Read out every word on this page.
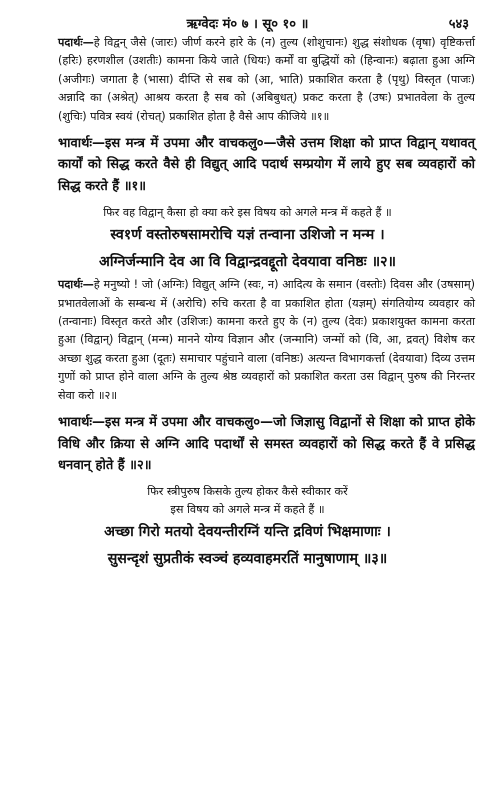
ऋग्वेदः मं० ७ । सू० १० ॥	५४३

पदार्थः—हे विद्वन् जैसे (जारः) जीर्ण करने हारे के (न) तुल्य (शोशुचानः) शुद्ध संशोधक (वृषा) वृष्टिकर्त्ता (हरिः) हरणशील (उशतीः) कामना किये जाते (धियः) कर्मों वा बुद्धियों को (हिन्वानः) बढ़ाता हुआ अग्नि (अजीगः) जगाता है (भासा) दीप्ति से सब को (आ, भाति) प्रकाशित करता है (पृथु) विस्तृत (पाजः) अन्नादि का (अश्रेत्) आश्रय करता है सब को (अबिबुधत्) प्रकट करता है (उषः) प्रभातवेला के तुल्य (शुचिः) पवित्र स्वयं (रोचत्) प्रकाशित होता है वैसे आप कीजिये ॥१॥

भावार्थः—इस मन्त्र में उपमा और वाचकलु०—जैसे उत्तम शिक्षा को प्राप्त विद्वान् यथावत् कार्यों को सिद्ध करते वैसे ही विद्युत् आदि पदार्थ सम्प्रयोग में लाये हुए सब व्यवहारों को सिद्ध करते हैं ॥१॥

फिर वह विद्वान् कैसा हो क्या करे इस विषय को अगले मन्त्र में कहते हैं ॥

स्व१र्ण वस्तोरुषसामरोचि यज्ञं तन्वाना उशिजो न मन्म ।

अग्निर्जन्मानि देव आ वि विद्वान्द्रवद्दूतो देवयावा वनिष्ठः ॥२॥

पदार्थः—हे मनुष्यो ! जो (अग्निः) विद्युत् अग्नि (स्वः, न) आदित्य के समान (वस्तोः) दिवस और (उषसाम्) प्रभातवेलाओं के सम्बन्ध में (अरोचि) रुचि करता है वा प्रकाशित होता (यज्ञम्) संगतियोग्य व्यवहार को (तन्वानाः) विस्तृत करते और (उशिजः) कामना करते हुए के (न) तुल्य (देवः) प्रकाशयुक्त कामना करता हुआ (विद्वान्) विद्वान् (मन्म) मानने योग्य विज्ञान और (जन्मानि) जन्मों को (वि, आ, द्रवत्) विशेष कर अच्छा शुद्ध करता हुआ (दूतः) समाचार पहुंचाने वाला (वनिष्ठः) अत्यन्त विभागकर्त्ता (देवयावा) दिव्य उत्तम गुणों को प्राप्त होने वाला अग्नि के तुल्य श्रेष्ठ व्यवहारों को प्रकाशित करता उस विद्वान् पुरुष की निरन्तर सेवा करो ॥२॥

भावार्थः—इस मन्त्र में उपमा और वाचकलु०—जो जिज्ञासु विद्वानों से शिक्षा को प्राप्त होके विधि और क्रिया से अग्नि आदि पदार्थों से समस्त व्यवहारों को सिद्ध करते हैं वे प्रसिद्ध धनवान् होते हैं ॥२॥

फिर स्त्रीपुरुष किसके तुल्य होकर कैसे स्वीकार करें

इस विषय को अगले मन्त्र में कहते हैं ॥

अच्छा गिरो मतयो देवयन्तीरग्निं यन्ति द्रविणं भिक्षमाणाः ।

सुसन्दृशं सुप्रतीकं स्वञ्चं हव्यवाहमरतिं मानुषाणाम् ॥३॥
